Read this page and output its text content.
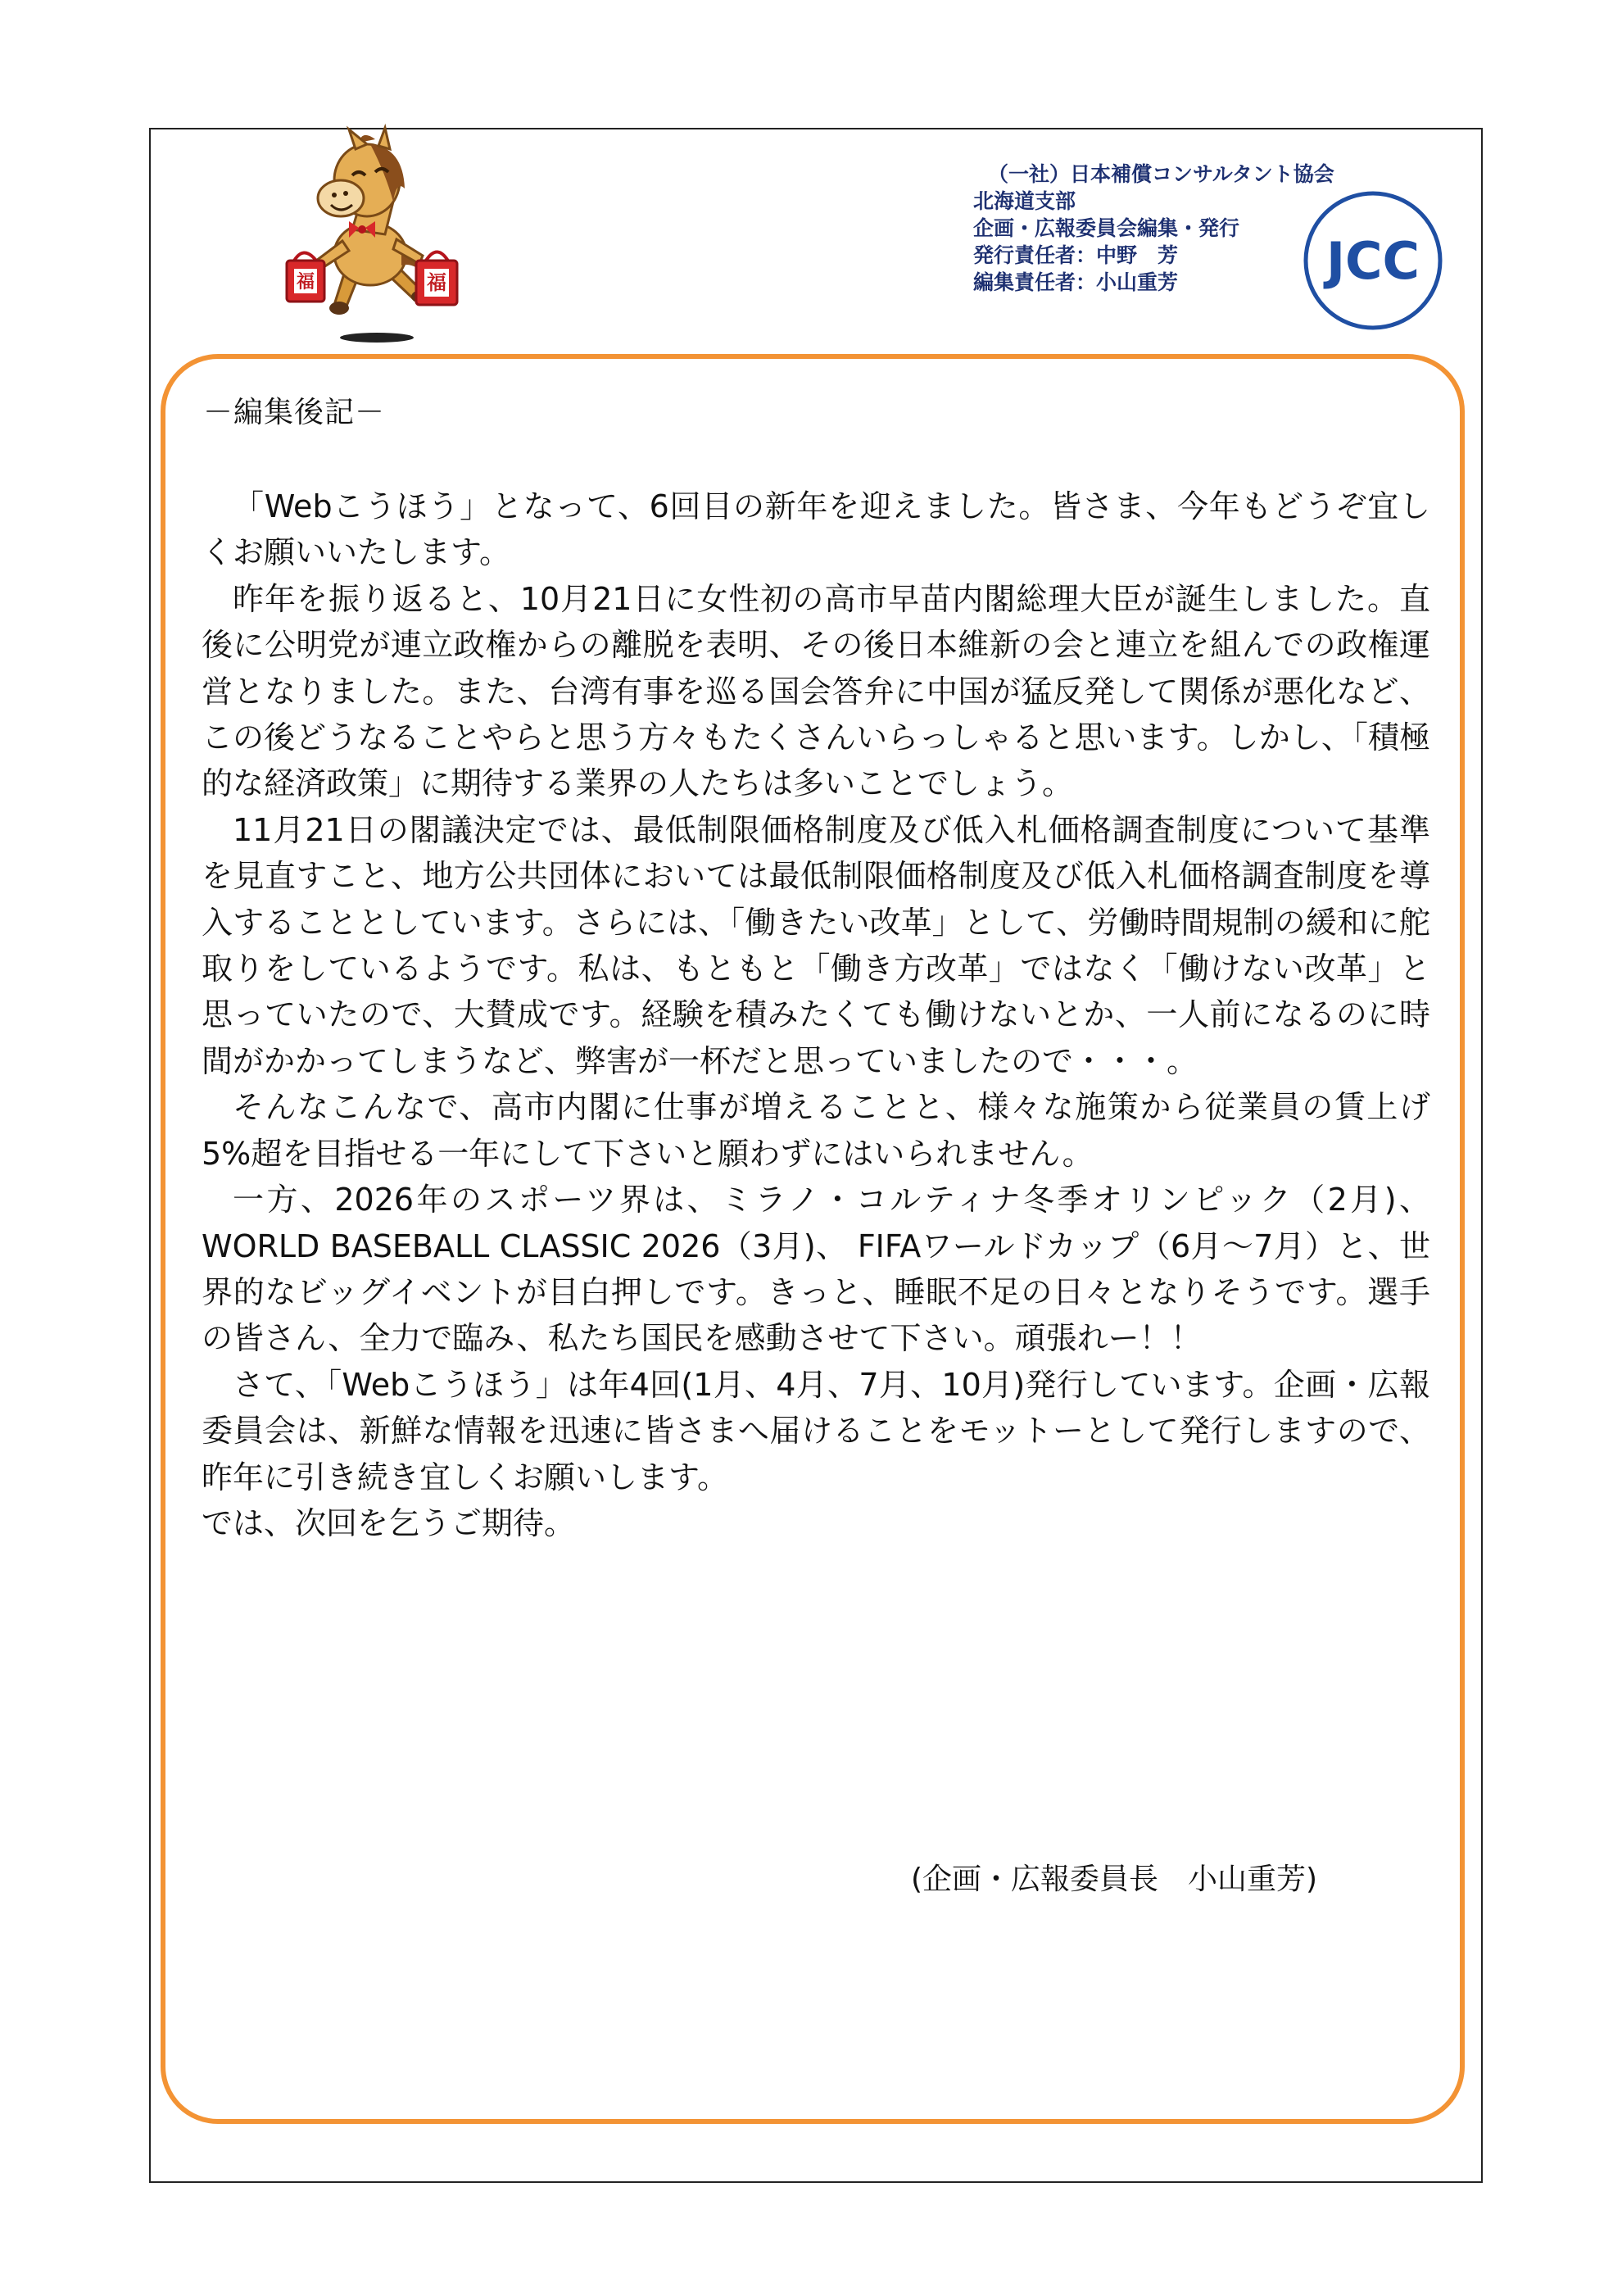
福	福
（一社）日本補償コンサルタント協会
北海道支部
企画・広報委員会編集・発行
発行責任者：中野　芳
編集責任者：小山重芳	JCC
－編集後記－

「Webこうほう」となって、6回目の新年を迎えました。皆さま、今年もどうぞ宜しくお願いいたします。

昨年を振り返ると、10月21日に女性初の高市早苗内閣総理大臣が誕生しました。直後に公明党が連立政権からの離脱を表明、その後日本維新の会と連立を組んでの政権運営となりました。また、台湾有事を巡る国会答弁に中国が猛反発して関係が悪化など、この後どうなることやらと思う方々もたくさんいらっしゃると思います。しかし、「積極的な経済政策」に期待する業界の人たちは多いことでしょう。

11月21日の閣議決定では、最低制限価格制度及び低入札価格調査制度について基準を見直すこと、地方公共団体においては最低制限価格制度及び低入札価格調査制度を導入することとしています。さらには、「働きたい改革」として、労働時間規制の緩和に舵取りをしているようです。私は、もともと「働き方改革」ではなく「働けない改革」と思っていたので、大賛成です。経験を積みたくても働けないとか、一人前になるのに時間がかかってしまうなど、弊害が一杯だと思っていましたので・・・。

そんなこんなで、高市内閣に仕事が増えることと、様々な施策から従業員の賃上げ5%超を目指せる一年にして下さいと願わずにはいられません。

一方、2026年のスポーツ界は、ミラノ・コルティナ冬季オリンピック（2月)、WORLD BASEBALL CLASSIC 2026（3月)、 FIFAワールドカップ（6月～7月）と、世界的なビッグイベントが目白押しです。きっと、睡眠不足の日々となりそうです。選手の皆さん、全力で臨み、私たち国民を感動させて下さい。頑張れー！！

さて、「Webこうほう」は年4回(1月、4月、7月、10月)発行しています。企画・広報委員会は、新鮮な情報を迅速に皆さまへ届けることをモットーとして発行しますので、昨年に引き続き宜しくお願いします。

では、次回を乞うご期待。

(企画・広報委員長　小山重芳)
